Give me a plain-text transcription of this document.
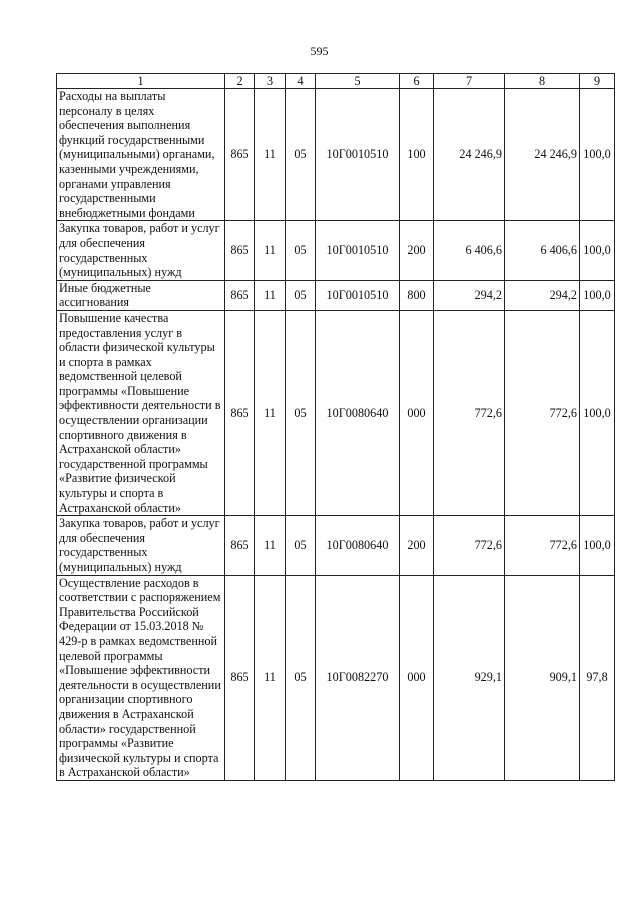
595
1	2	3	4	5	6	7	8	9
Расходы на выплаты персоналу в целях обеспечения выполнения функций государственными (муниципальными) органами, казенными учреждениями, органами управления государственными внебюджетными фондами	865	11	05	10Г0010510	100	24 246,9	24 246,9	100,0
Закупка товаров, работ и услуг для обеспечения государственных (муниципальных) нужд	865	11	05	10Г0010510	200	6 406,6	6 406,6	100,0
Иные бюджетные ассигнования	865	11	05	10Г0010510	800	294,2	294,2	100,0
Повышение качества предоставления услуг в области физической культуры и спорта в рамках ведомственной целевой программы «Повышение эффективности деятельности в осуществлении организации спортивного движения в Астраханской области» государственной программы «Развитие физической культуры и спорта в Астраханской области»	865	11	05	10Г0080640	000	772,6	772,6	100,0
Закупка товаров, работ и услуг для обеспечения государственных (муниципальных) нужд	865	11	05	10Г0080640	200	772,6	772,6	100,0
Осуществление расходов в соответствии с распоряжением Правительства Российской Федерации от 15.03.2018 № 429-р в рамках ведомственной целевой программы «Повышение эффективности деятельности в осуществлении организации спортивного движения в Астраханской области» государственной программы «Развитие физической культуры и спорта в Астраханской области»	865	11	05	10Г0082270	000	929,1	909,1	97,8
